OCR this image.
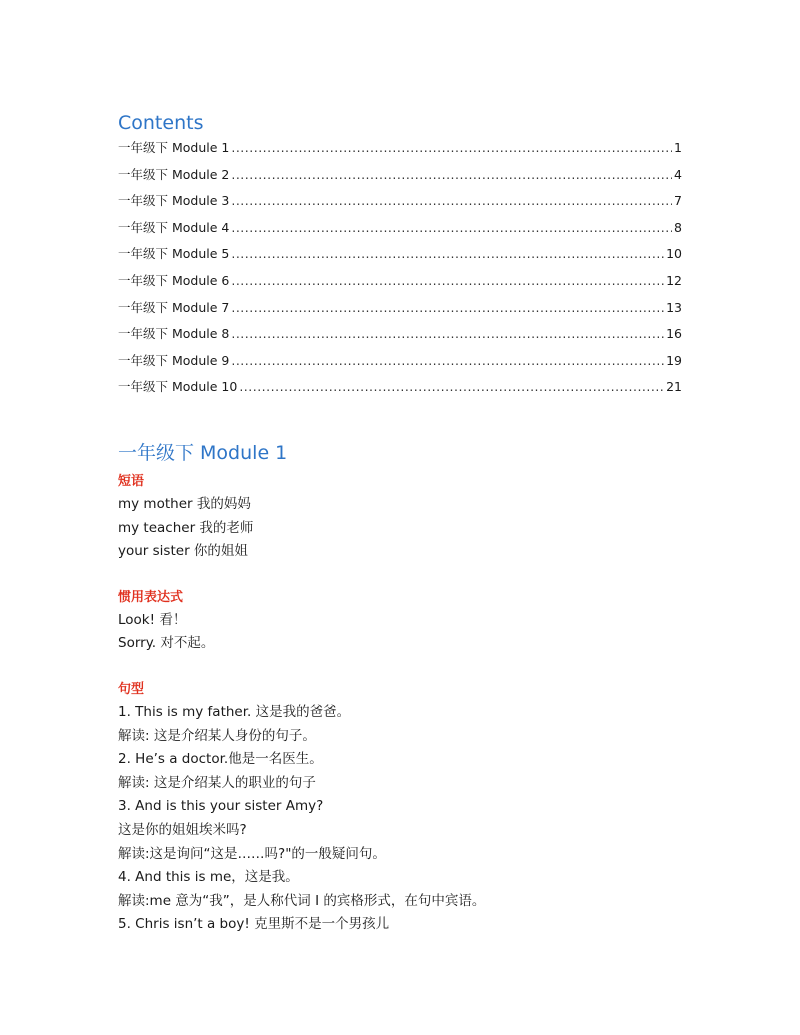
Contents
一年级下 Module 1 .....	1
一年级下 Module 2 .....	4
一年级下 Module 3 .....	7
一年级下 Module 4 .....	8
一年级下 Module 5 .....	10
一年级下 Module 6 .....	12
一年级下 Module 7 .....	13
一年级下 Module 8 .....	16
一年级下 Module 9 .....	19
一年级下 Module 10 .....	21
一年级下 Module 1
短语
my mother 我的妈妈
my teacher 我的老师
your sister 你的姐姐
惯用表达式
Look! 看！
Sorry. 对不起。
句型
1. This is my father. 这是我的爸爸。
解读: 这是介绍某人身份的句子。
2. He’s a doctor.他是一名医生。
解读: 这是介绍某人的职业的句子
3. And is this your sister Amy?
这是你的姐姐埃米吗?
解读:这是询问“这是……吗?"的一般疑问句。
4. And this is me，这是我。
解读:me 意为“我”，是人称代词 I 的宾格形式，在句中宾语。
5. Chris isn’t a boy! 克里斯不是一个男孩儿
